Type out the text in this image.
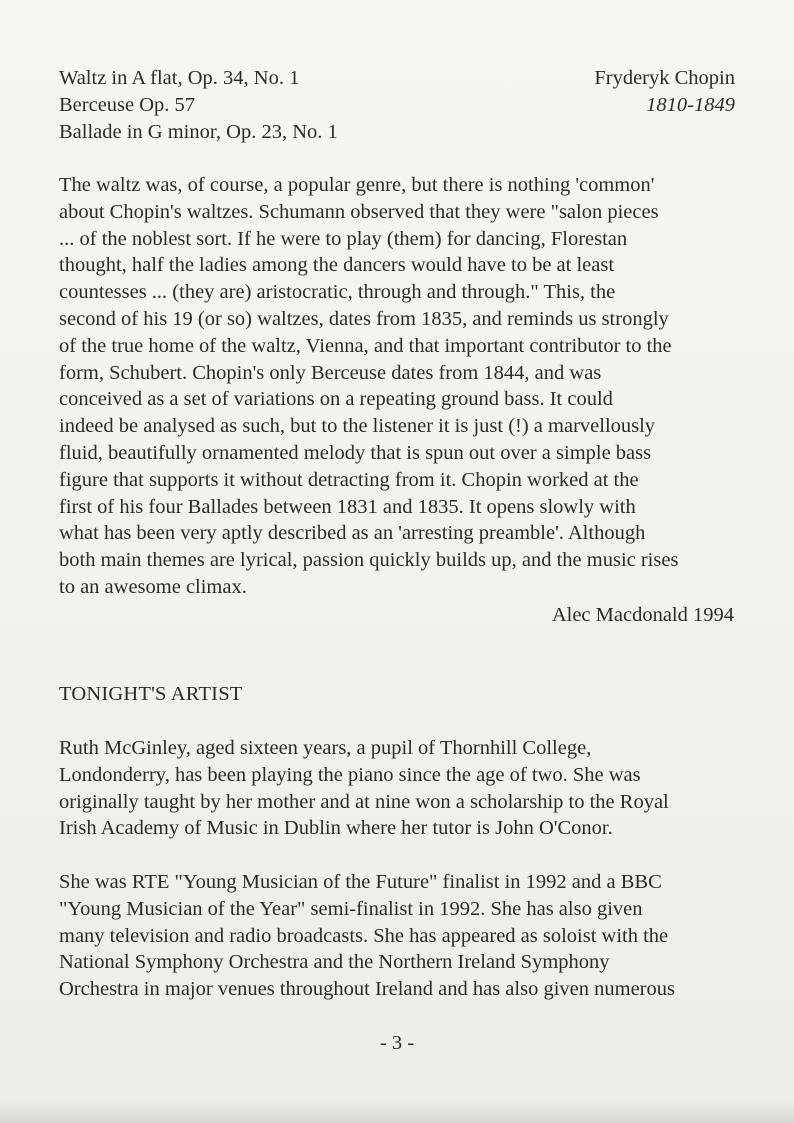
Waltz in A flat, Op. 34, No. 1
Berceuse Op. 57
Ballade in G minor, Op. 23, No. 1
Fryderyk Chopin
1810-1849
The waltz was, of course, a popular genre, but there is nothing 'common'
about Chopin's waltzes. Schumann observed that they were "salon pieces
... of the noblest sort. If he were to play (them) for dancing, Florestan
thought, half the ladies among the dancers would have to be at least
countesses ... (they are) aristocratic, through and through." This, the
second of his 19 (or so) waltzes, dates from 1835, and reminds us strongly
of the true home of the waltz, Vienna, and that important contributor to the
form, Schubert. Chopin's only Berceuse dates from 1844, and was
conceived as a set of variations on a repeating ground bass. It could
indeed be analysed as such, but to the listener it is just (!) a marvellously
fluid, beautifully ornamented melody that is spun out over a simple bass
figure that supports it without detracting from it. Chopin worked at the
first of his four Ballades between 1831 and 1835. It opens slowly with
what has been very aptly described as an 'arresting preamble'. Although
both main themes are lyrical, passion quickly builds up, and the music rises
to an awesome climax.
Alec Macdonald 1994
TONIGHT'S ARTIST
Ruth McGinley, aged sixteen years, a pupil of Thornhill College,
Londonderry, has been playing the piano since the age of two. She was
originally taught by her mother and at nine won a scholarship to the Royal
Irish Academy of Music in Dublin where her tutor is John O'Conor.
She was RTE "Young Musician of the Future" finalist in 1992 and a BBC
"Young Musician of the Year" semi-finalist in 1992. She has also given
many television and radio broadcasts. She has appeared as soloist with the
National Symphony Orchestra and the Northern Ireland Symphony
Orchestra in major venues throughout Ireland and has also given numerous
- 3 -
